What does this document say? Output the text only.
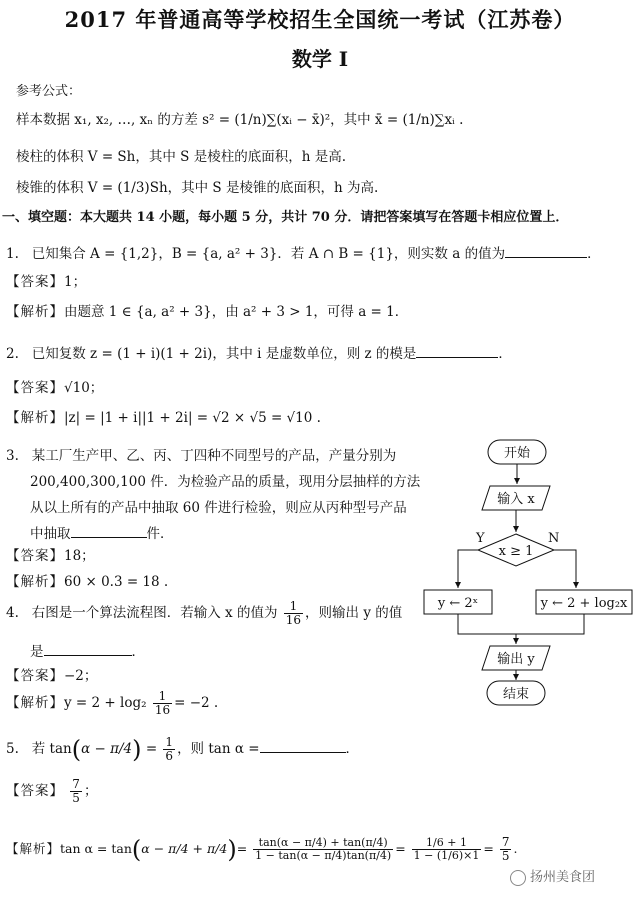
2017 年普通高等学校招生全国统一考试（江苏卷）
数学 I
参考公式：
样本数据 x₁, x₂, …, xₙ 的方差 s² = (1/n)∑(xᵢ − x̄)²，其中 x̄ = (1/n)∑xᵢ .
棱柱的体积 V = Sh，其中 S 是棱柱的底面积，h 是高.
棱锥的体积 V = (1/3)Sh，其中 S 是棱锥的底面积，h 为高.
一、填空题：本大题共 14 小题，每小题 5 分，共计 70 分．请把答案填写在答题卡相应位置上．
1. 已知集合 A = {1,2}，B = {a, a² + 3}．若 A ∩ B = {1}，则实数 a 的值为	．
【答案】1；
【解析】由题意 1 ∈ {a, a² + 3}，由 a² + 3 > 1，可得 a = 1．
2. 已知复数 z = (1 + i)(1 + 2i)，其中 i 是虚数单位，则 z 的模是	．
【答案】√10；
【解析】|z| = |1 + i||1 + 2i| = √2 × √5 = √10 .
3. 某工厂生产甲、乙、丙、丁四种不同型号的产品，产量分别为
200,400,300,100 件．为检验产品的质量，现用分层抽样的方法
从以上所有的产品中抽取 60 件进行检验，则应从丙种型号产品
中抽取	件．
【答案】18；
【解析】60 × 0.3 = 18 .
4. 右图是一个算法流程图．若输入 x 的值为 $\frac{1}{16}$ ，则输出 y 的值
是	．
【答案】−2；
【解析】$y = 2 + \log_2 \frac{1}{16} = -2$ .
5. 若 $\tan(\alpha - \pi/4) = \frac{1}{6}$ ，则 tan α =	．
【答案】 $\frac{7}{5}$ ；
【解析】$\tan \alpha = \tan(\alpha - \pi/4 + \pi/4)= \frac{\tan(\alpha - \pi/4) + \tan(\pi/4)}{1 - \tan(\alpha - \pi/4)\tan(\pi/4)} = \frac{1/6 + 1}{1 - (1/6)\times 1} = \frac{7}{5}$ .
开始
输入 x
x ≥ 1
Y	N
y ← 2ˣ	y ← 2 + log₂x
输出 y
结束
扬州美食团
